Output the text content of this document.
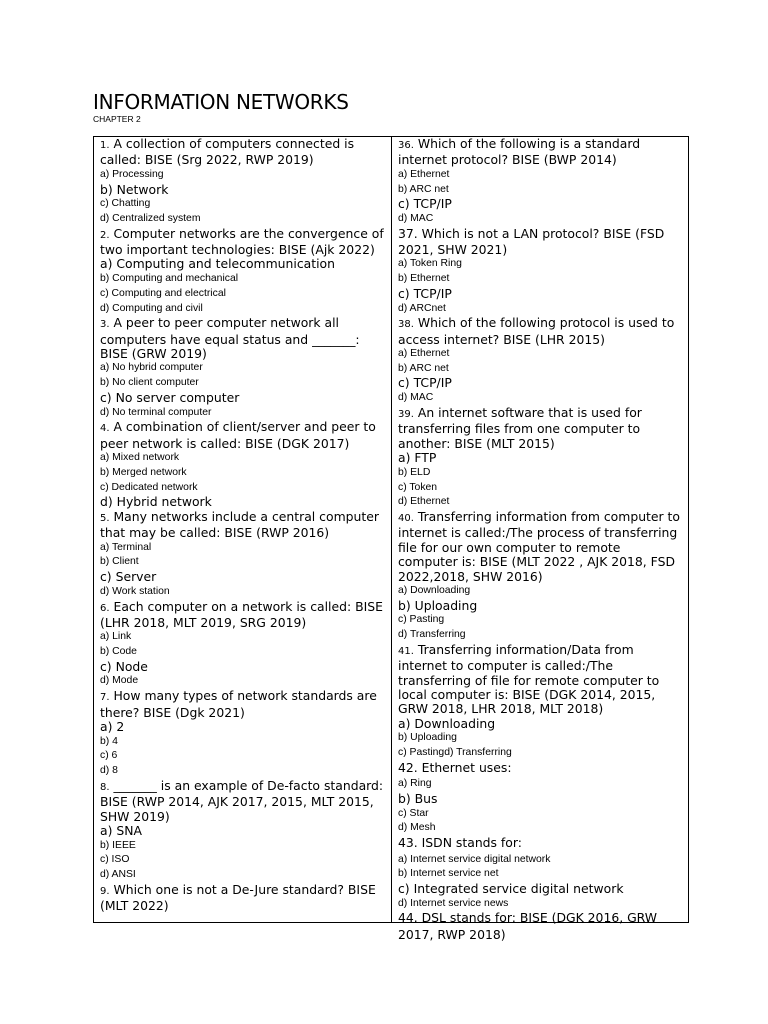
INFORMATION NETWORKS
CHAPTER 2

1. A collection of computers connected is called: BISE (Srg 2022, RWP 2019)

a) Processing

b) Network

c) Chatting

d) Centralized system

2. Computer networks are the convergence of two important technologies: BISE (Ajk 2022)

a) Computing and telecommunication

b) Computing and mechanical

c) Computing and electrical

d) Computing and civil

3. A peer to peer computer network all computers have equal status and _______: BISE (GRW 2019)

a) No hybrid computer

b) No client computer

c) No server computer

d) No terminal computer

4. A combination of client/server and peer to peer network is called: BISE (DGK 2017)

a) Mixed network

b) Merged network

c) Dedicated network

d) Hybrid network

5. Many networks include a central computer that may be called: BISE (RWP 2016)

a) Terminal

b) Client

c) Server

d) Work station

6. Each computer on a network is called: BISE (LHR 2018, MLT 2019, SRG 2019)

a) Link

b) Code

c) Node

d) Mode

7. How many types of network standards are there? BISE (Dgk 2021)

a) 2

b) 4

c) 6

d) 8

8. _______ is an example of De-facto standard: BISE (RWP 2014, AJK 2017, 2015, MLT 2015, SHW 2019)

a) SNA

b) IEEE

c) ISO

d) ANSI

9. Which one is not a De-Jure standard? BISE (MLT 2022)

36. Which of the following is a standard internet protocol? BISE (BWP 2014)

a) Ethernet

b) ARC net

c) TCP/IP

d) MAC

37. Which is not a LAN protocol? BISE (FSD 2021, SHW 2021)

a) Token Ring

b) Ethernet

c) TCP/IP

d) ARCnet

38. Which of the following protocol is used to access internet? BISE (LHR 2015)

a) Ethernet

b) ARC net

c) TCP/IP

d) MAC

39. An internet software that is used for transferring files from one computer to another: BISE (MLT 2015)

a) FTP

b) ELD

c) Token

d) Ethernet

40. Transferring information from computer to internet is called:/The process of transferring file for our own computer to remote computer is: BISE (MLT 2022 , AJK 2018, FSD 2022,2018, SHW 2016)

a) Downloading

b) Uploading

c) Pasting

d) Transferring

41. Transferring information/Data from internet to computer is called:/The transferring of file for remote computer to local computer is: BISE (DGK 2014, 2015, GRW 2018, LHR 2018, MLT 2018)

a) Downloading

b) Uploading

c) Pastingd) Transferring

42. Ethernet uses:

a) Ring

b) Bus

c) Star

d) Mesh

43. ISDN stands for:

a) Internet service digital network

b) Internet service net

c) Integrated service digital network

d) Internet service news

44. DSL stands for: BISE (DGK 2016, GRW 2017, RWP 2018)
